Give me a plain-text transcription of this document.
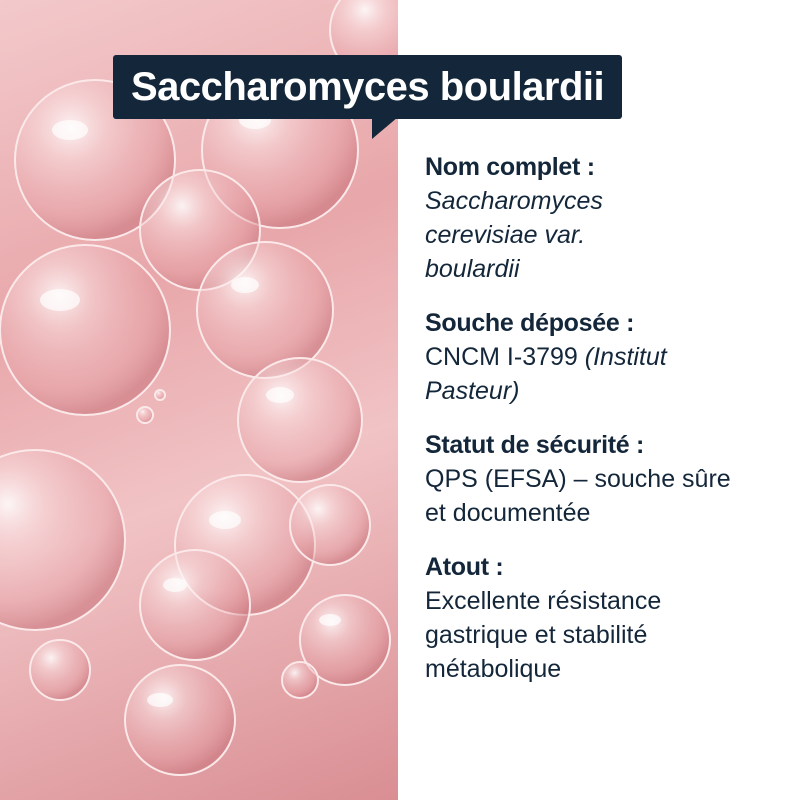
Saccharomyces boulardii

Nom complet :

Saccharomyces

cerevisiae var.

boulardii

Souche déposée :

CNCM I-3799 (Institut

Pasteur)

Statut de sécurité :

QPS (EFSA) – souche sûre

et documentée

Atout :

Excellente résistance

gastrique et stabilité

métabolique
